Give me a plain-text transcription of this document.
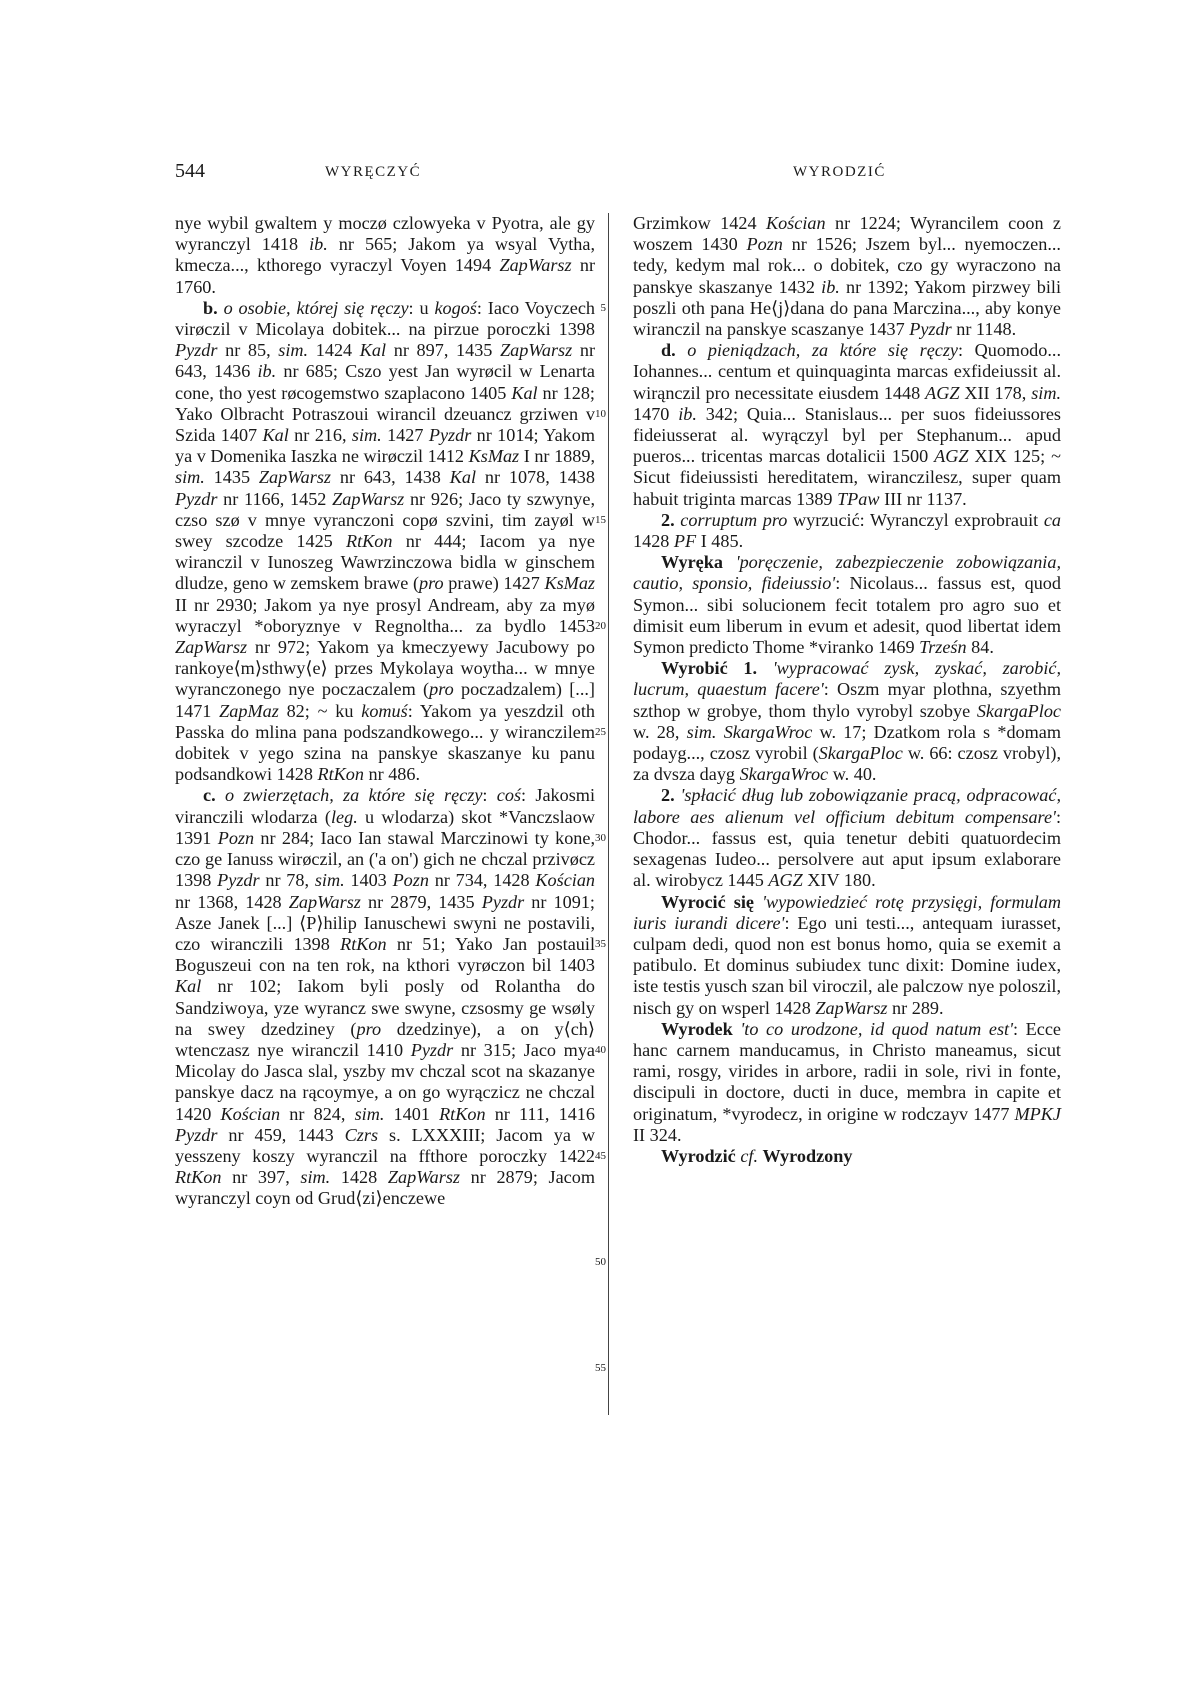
544	WYRĘCZYĆ	WYRODZIĆ

nye wybil gwaltem y moczø czlowyeka v Pyotra, ale gy wyranczyl 1418 ib. nr 565; Jakom ya wsyal Vytha, kmecza..., kthorego vyraczyl Voyen 1494 ZapWarsz nr 1760.

b. o osobie, której się ręczy: u kogoś: Iaco Voyczech virøczil v Micolaya dobitek... na pirzue poroczki 1398 Pyzdr nr 85, sim. 1424 Kal nr 897, 1435 ZapWarsz nr 643, 1436 ib. nr 685; Cszo yest Jan wyrøcil w Lenarta cone, tho yest røcogemstwo szaplacono 1405 Kal nr 128; Yako Olbracht Potraszoui wirancil dzeuancz grziwen v Szida 1407 Kal nr 216, sim. 1427 Pyzdr nr 1014; Yakom ya v Domenika Iaszka ne wirøczil 1412 KsMaz I nr 1889, sim. 1435 ZapWarsz nr 643, 1438 Kal nr 1078, 1438 Pyzdr nr 1166, 1452 ZapWarsz nr 926; Jaco ty szwynye, czso szø v mnye vyranczoni copø szvini, tim zayøl w swey szcodze 1425 RtKon nr 444; Iacom ya nye wiranczil v Iunoszeg Wawrzinczowa bidla w ginschem dludze, geno w zemskem brawe (pro prawe) 1427 KsMaz II nr 2930; Jakom ya nye prosyl Andream, aby za myø wyraczyl *oboryznye v Regnoltha... za bydlo 1453 ZapWarsz nr 972; Yakom ya kmeczyewy Jacubowy po rankoye⟨m⟩sthwy⟨e⟩ przes Mykolaya woytha... w mnye wyranczonego nye poczaczalem (pro poczadzalem) [...] 1471 ZapMaz 82; ~ ku komuś: Yakom ya yeszdzil oth Passka do mlina pana podszandkowego... y wiranczilem dobitek v yego szina na panskye skaszanye ku panu podsandkowi 1428 RtKon nr 486.

c. o zwierzętach, za które się ręczy: coś: Jakosmi viranczili wlodarza (leg. u wlodarza) skot *Vanczslaow 1391 Pozn nr 284; Iaco Ian stawal Marczinowi ty kone, czo ge Ianuss wirøczil, an ('a on') gich ne chczal przivøcz 1398 Pyzdr nr 78, sim. 1403 Pozn nr 734, 1428 Kościan nr 1368, 1428 ZapWarsz nr 2879, 1435 Pyzdr nr 1091; Asze Janek [...] ⟨P⟩hilip Ianuschewi swyni ne postavili, czo wiranczili 1398 RtKon nr 51; Yako Jan postauil Boguszeui con na ten rok, na kthori vyrøczon bil 1403 Kal nr 102; Iakom byli posly od Rolantha do Sandziwoya, yze wyrancz swe swyne, czsosmy ge wsøly na swey dzedziney (pro dzedzinye), a on y⟨ch⟩ wtenczasz nye wiranczil 1410 Pyzdr nr 315; Jaco mya Micolay do Jasca slal, yszby mv chczal scot na skazanye panskye dacz na rącoymye, a on go wyrączicz ne chczal 1420 Kościan nr 824, sim. 1401 RtKon nr 111, 1416 Pyzdr nr 459, 1443 Czrs s. LXXXIII; Jacom ya w yesszeny koszy wyranczil na ffthore poroczky 1422 RtKon nr 397, sim. 1428 ZapWarsz nr 2879; Jacom wyranczyl coyn od Grud⟨zi⟩enczewe

5
10
15
20
25
30
35
40
45
50
55

Grzimkow 1424 Kościan nr 1224; Wyrancilem coon z woszem 1430 Pozn nr 1526; Jszem byl... nyemoczen... tedy, kedym mal rok... o dobitek, czo gy wyraczono na panskye skaszanye 1432 ib. nr 1392; Yakom pirzwey bili poszli oth pana He⟨j⟩dana do pana Marczina..., aby konye wiranczil na panskye scaszanye 1437 Pyzdr nr 1148.

d. o pieniądzach, za które się ręczy: Quomodo... Iohannes... centum et quinquaginta marcas exfideiussit al. wirąnczil pro necessitate eiusdem 1448 AGZ XII 178, sim. 1470 ib. 342; Quia... Stanislaus... per suos fideiussores fideiusserat al. wyrączyl byl per Stephanum... apud pueros... tricentas marcas dotalicii 1500 AGZ XIX 125; ~ Sicut fideiussisti hereditatem, wiranczilesz, super quam habuit triginta marcas 1389 TPaw III nr 1137.

2. corruptum pro wyrzucić: Wyranczyl exprobrauit ca 1428 PF I 485.

Wyręka 'poręczenie, zabezpieczenie zobowiązania, cautio, sponsio, fideiussio': Nicolaus... fassus est, quod Symon... sibi solucionem fecit totalem pro agro suo et dimisit eum liberum in evum et adesit, quod libertat idem Symon predicto Thome *viranko 1469 Trześn 84.

Wyrobić 1. 'wypracować zysk, zyskać, zarobić, lucrum, quaestum facere': Oszm myar plothna, szyethm szthop w grobye, thom thylo vyrobyl szobye SkargaPloc w. 28, sim. SkargaWroc w. 17; Dzatkom rola s *domam podayg..., czosz vyrobil (SkargaPloc w. 66: czosz vrobyl), za dvsza dayg SkargaWroc w. 40.

2. 'spłacić dług lub zobowiązanie pracą, odpracować, labore aes alienum vel officium debitum compensare': Chodor... fassus est, quia tenetur debiti quatuordecim sexagenas Iudeo... persolvere aut aput ipsum exlaborare al. wirobycz 1445 AGZ XIV 180.

Wyrocić się 'wypowiedzieć rotę przysięgi, formulam iuris iurandi dicere': Ego uni testi..., antequam iurasset, culpam dedi, quod non est bonus homo, quia se exemit a patibulo. Et dominus subiudex tunc dixit: Domine iudex, iste testis yusch szan bil viroczil, ale palczow nye poloszil, nisch gy on wsperl 1428 ZapWarsz nr 289.

Wyrodek 'to co urodzone, id quod natum est': Ecce hanc carnem manducamus, in Christo maneamus, sicut rami, rosgy, virides in arbore, radii in sole, rivi in fonte, discipuli in doctore, ducti in duce, membra in capite et originatum, *vyrodecz, in origine w rodczayv 1477 MPKJ II 324.

Wyrodzić cf. Wyrodzony
